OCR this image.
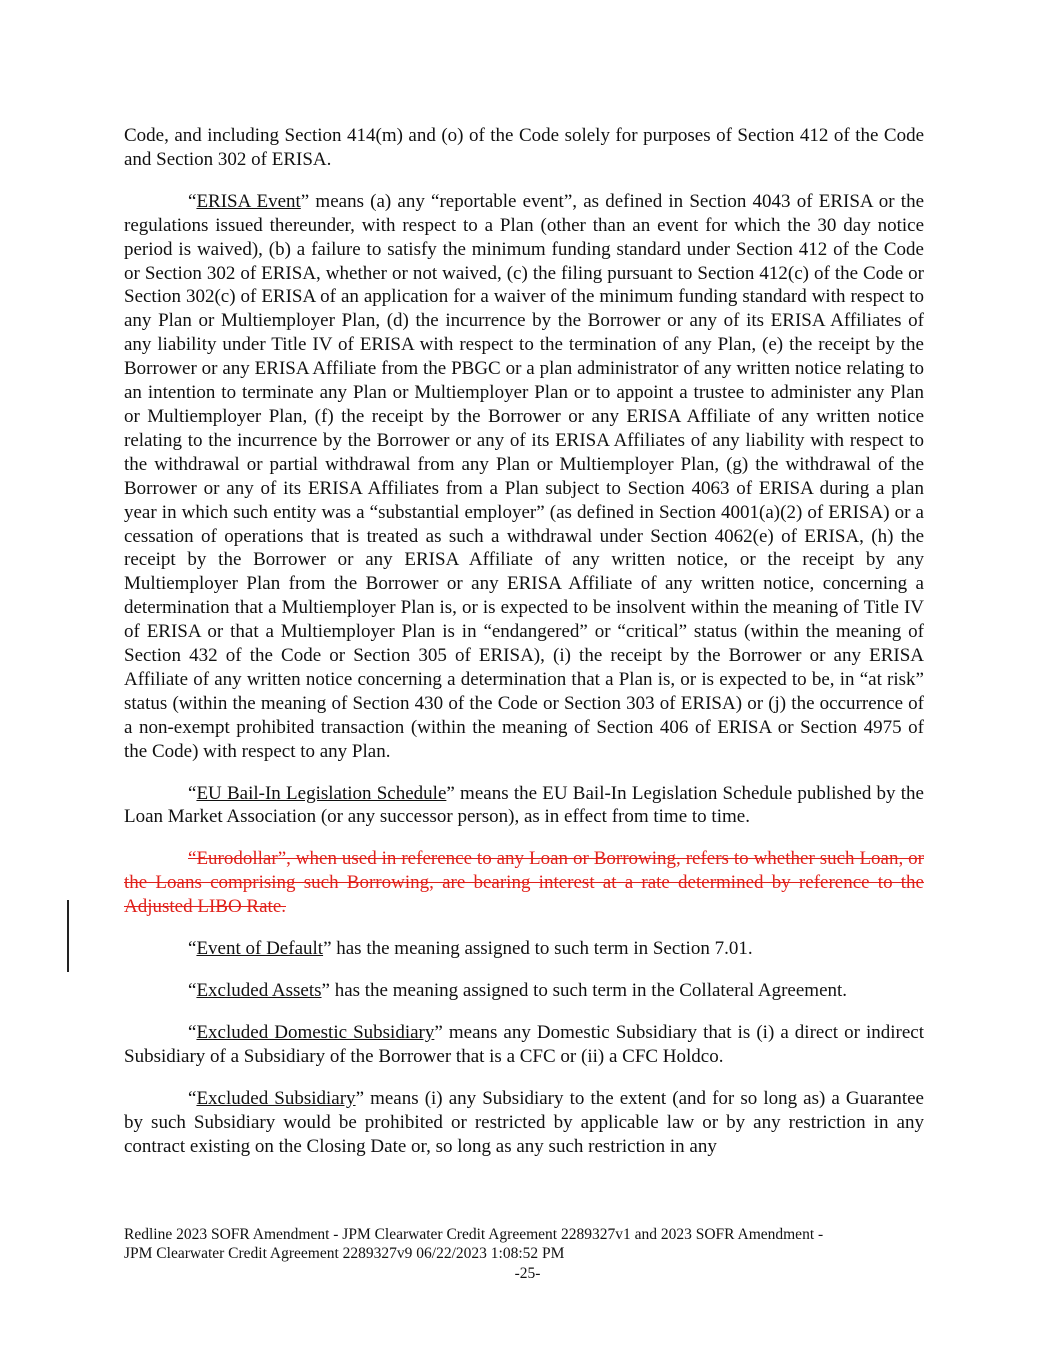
Code, and including Section 414(m) and (o) of the Code solely for purposes of Section 412 of the Code and Section 302 of ERISA.

“ERISA Event” means (a) any “reportable event”, as defined in Section 4043 of ERISA or the regulations issued thereunder, with respect to a Plan (other than an event for which the 30 day notice period is waived), (b) a failure to satisfy the minimum funding standard under Section 412 of the Code or Section 302 of ERISA, whether or not waived, (c) the filing pursuant to Section 412(c) of the Code or Section 302(c) of ERISA of an application for a waiver of the minimum funding standard with respect to any Plan or Multiemployer Plan, (d) the incurrence by the Borrower or any of its ERISA Affiliates of any liability under Title IV of ERISA with respect to the termination of any Plan, (e) the receipt by the Borrower or any ERISA Affiliate from the PBGC or a plan administrator of any written notice relating to an intention to terminate any Plan or Multiemployer Plan or to appoint a trustee to administer any Plan or Multiemployer Plan, (f) the receipt by the Borrower or any ERISA Affiliate of any written notice relating to the incurrence by the Borrower or any of its ERISA Affiliates of any liability with respect to the withdrawal or partial withdrawal from any Plan or Multiemployer Plan, (g) the withdrawal of the Borrower or any of its ERISA Affiliates from a Plan subject to Section 4063 of ERISA during a plan year in which such entity was a “substantial employer” (as defined in Section 4001(a)(2) of ERISA) or a cessation of operations that is treated as such a withdrawal under Section 4062(e) of ERISA, (h) the receipt by the Borrower or any ERISA Affiliate of any written notice, or the receipt by any Multiemployer Plan from the Borrower or any ERISA Affiliate of any written notice, concerning a determination that a Multiemployer Plan is, or is expected to be insolvent within the meaning of Title IV of ERISA or that a Multiemployer Plan is in “endangered” or “critical” status (within the meaning of Section 432 of the Code or Section 305 of ERISA), (i) the receipt by the Borrower or any ERISA Affiliate of any written notice concerning a determination that a Plan is, or is expected to be, in “at risk” status (within the meaning of Section 430 of the Code or Section 303 of ERISA) or (j) the occurrence of a non-exempt prohibited transaction (within the meaning of Section 406 of ERISA or Section 4975 of the Code) with respect to any Plan.

“EU Bail-In Legislation Schedule” means the EU Bail-In Legislation Schedule published by the Loan Market Association (or any successor person), as in effect from time to time.

“Eurodollar”, when used in reference to any Loan or Borrowing, refers to whether such Loan, or the Loans comprising such Borrowing, are bearing interest at a rate determined by reference to the Adjusted LIBO Rate.

“Event of Default” has the meaning assigned to such term in Section 7.01.

“Excluded Assets” has the meaning assigned to such term in the Collateral Agreement.

“Excluded Domestic Subsidiary” means any Domestic Subsidiary that is (i) a direct or indirect Subsidiary of a Subsidiary of the Borrower that is a CFC or (ii) a CFC Holdco.

“Excluded Subsidiary” means (i) any Subsidiary to the extent (and for so long as) a Guarantee by such Subsidiary would be prohibited or restricted by applicable law or by any restriction in any contract existing on the Closing Date or, so long as any such restriction in any

Redline 2023 SOFR Amendment - JPM Clearwater Credit Agreement 2289327v1 and 2023 SOFR Amendment -
JPM Clearwater Credit Agreement 2289327v9 06/22/2023 1:08:52 PM
-25-
